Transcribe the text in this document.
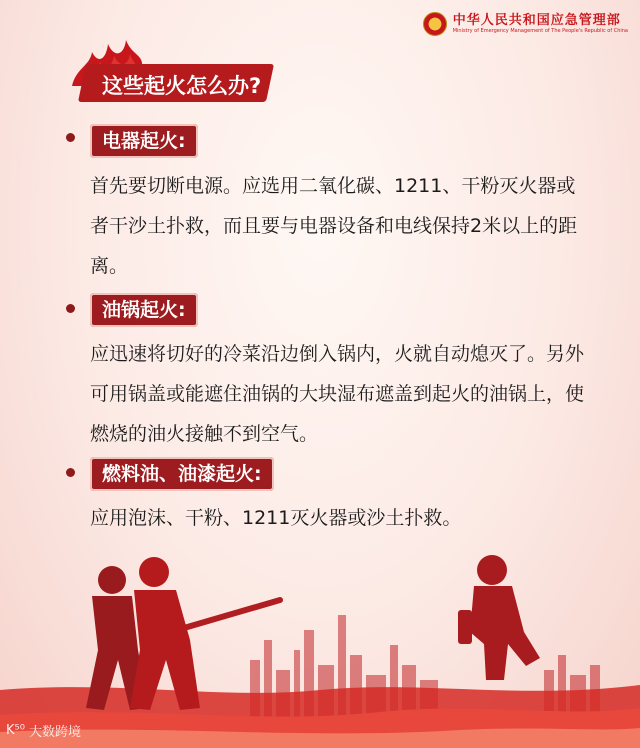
中华人民共和国应急管理部
Ministry of Emergency Management of The People's Republic of China
这些起火怎么办?
电器起火:
首先要切断电源。应选用二氧化碳、1211、干粉灭火器或者干沙土扑救，而且要与电器设备和电线保持2米以上的距离。
油锅起火:
应迅速将切好的冷菜沿边倒入锅内，火就自动熄灭了。另外可用锅盖或能遮住油锅的大块湿布遮盖到起火的油锅上，使燃烧的油火接触不到空气。
燃料油、油漆起火:
应用泡沫、干粉、1211灭火器或沙土扑救。
K⁵⁰ 大数跨境
